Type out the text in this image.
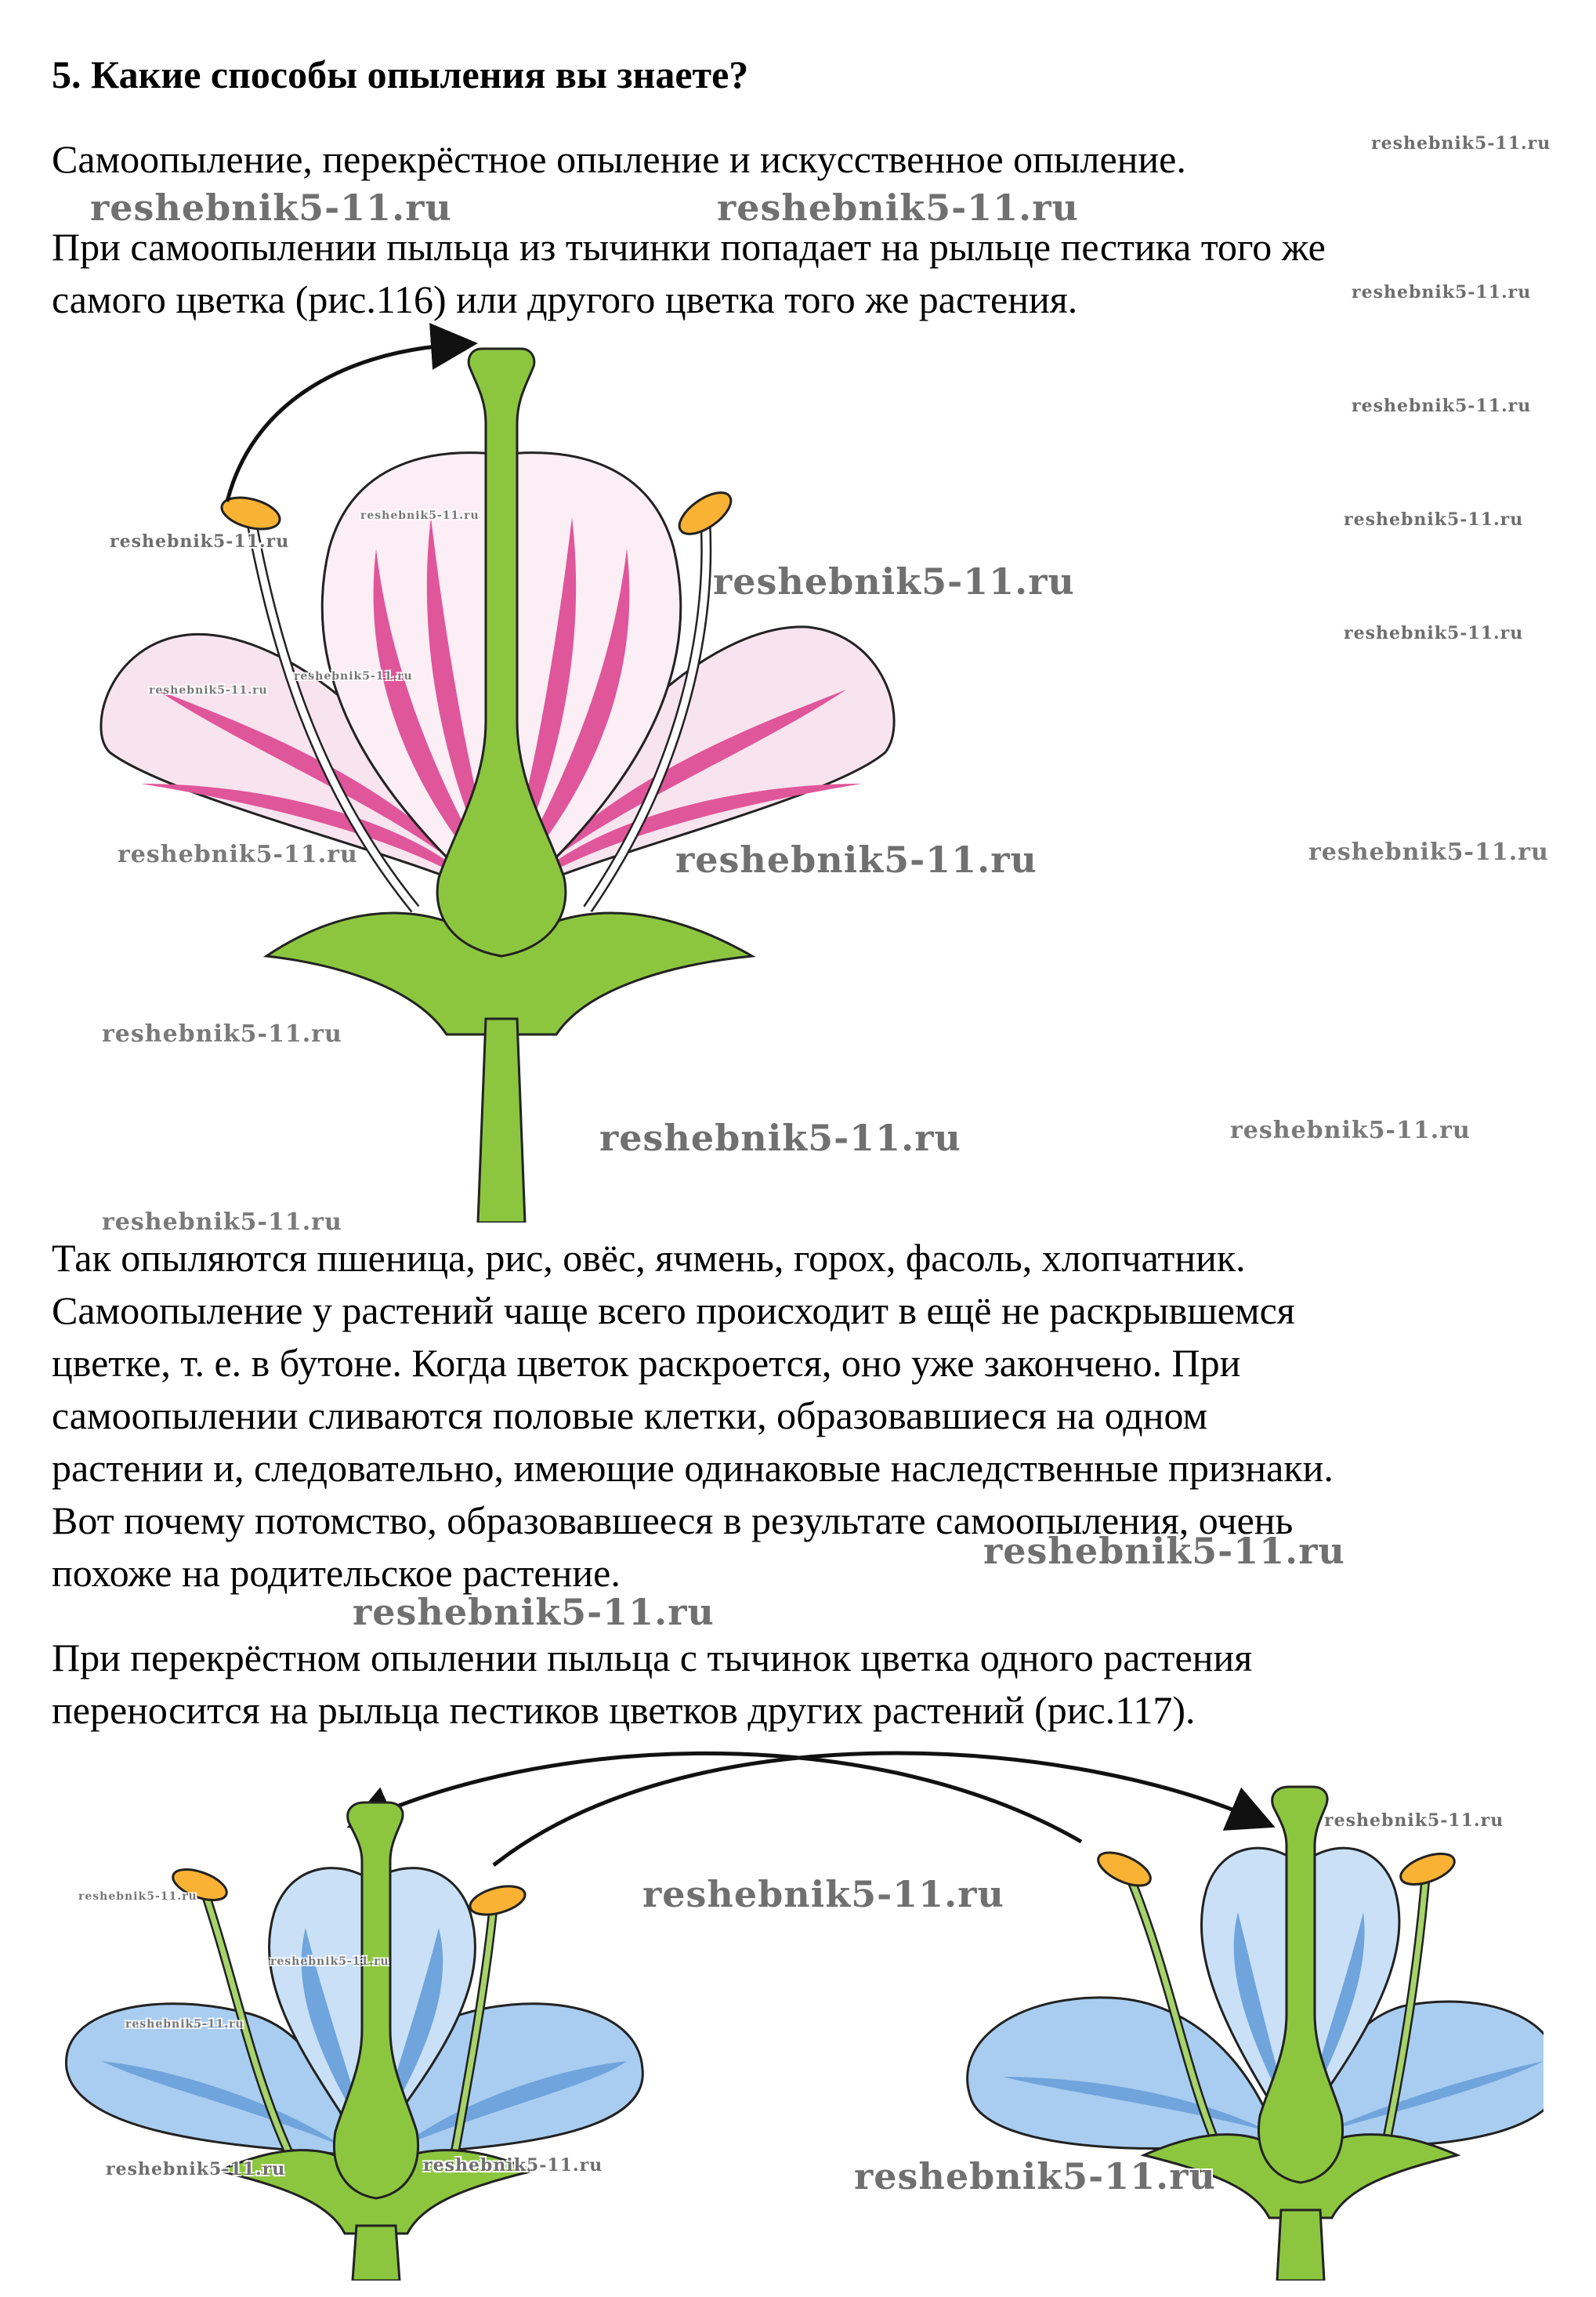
5. Какие способы опыления вы знаете?

Самоопыление, перекрёстное опыление и искусственное опыление.

При самоопылении пыльца из тычинки попадает на рыльце пестика того же
самого цветка (рис.116) или другого цветка того же растения.

Так опыляются пшеница, рис, овёс, ячмень, горох, фасоль, хлопчатник.
Самоопыление у растений чаще всего происходит в ещё не раскрывшемся
цветке, т. е. в бутоне. Когда цветок раскроется, оно уже закончено. При
самоопылении сливаются половые клетки, образовавшиеся на одном
растении и, следовательно, имеющие одинаковые наследственные признаки.
Вот почему потомство, образовавшееся в результате самоопыления, очень
похоже на родительское растение.

При перекрёстном опылении пыльца с тычинок цветка одного растения
переносится на рыльца пестиков цветков других растений (рис.117).

reshebnik5-11.ru
reshebnik5-11.ru	reshebnik5-11.ru
reshebnik5-11.ru
reshebnik5-11.ru
reshebnik5-11.ru
reshebnik5-11.ru
reshebnik5-11.ru
reshebnik5-11.ru
reshebnik5-11.ru
reshebnik5-11.ru
reshebnik5-11.ru
reshebnik5-11.ru	reshebnik5-11.ru	reshebnik5-11.ru
reshebnik5-11.ru
reshebnik5-11.ru	reshebnik5-11.ru
reshebnik5-11.ru
reshebnik5-11.ru
reshebnik5-11.ru
reshebnik5-11.ru
reshebnik5-11.ru
reshebnik5-11.ru
reshebnik5-11.ru
reshebnik5-11.ru
reshebnik5-11.ru	reshebnik5-11.ru	reshebnik5-11.ru
